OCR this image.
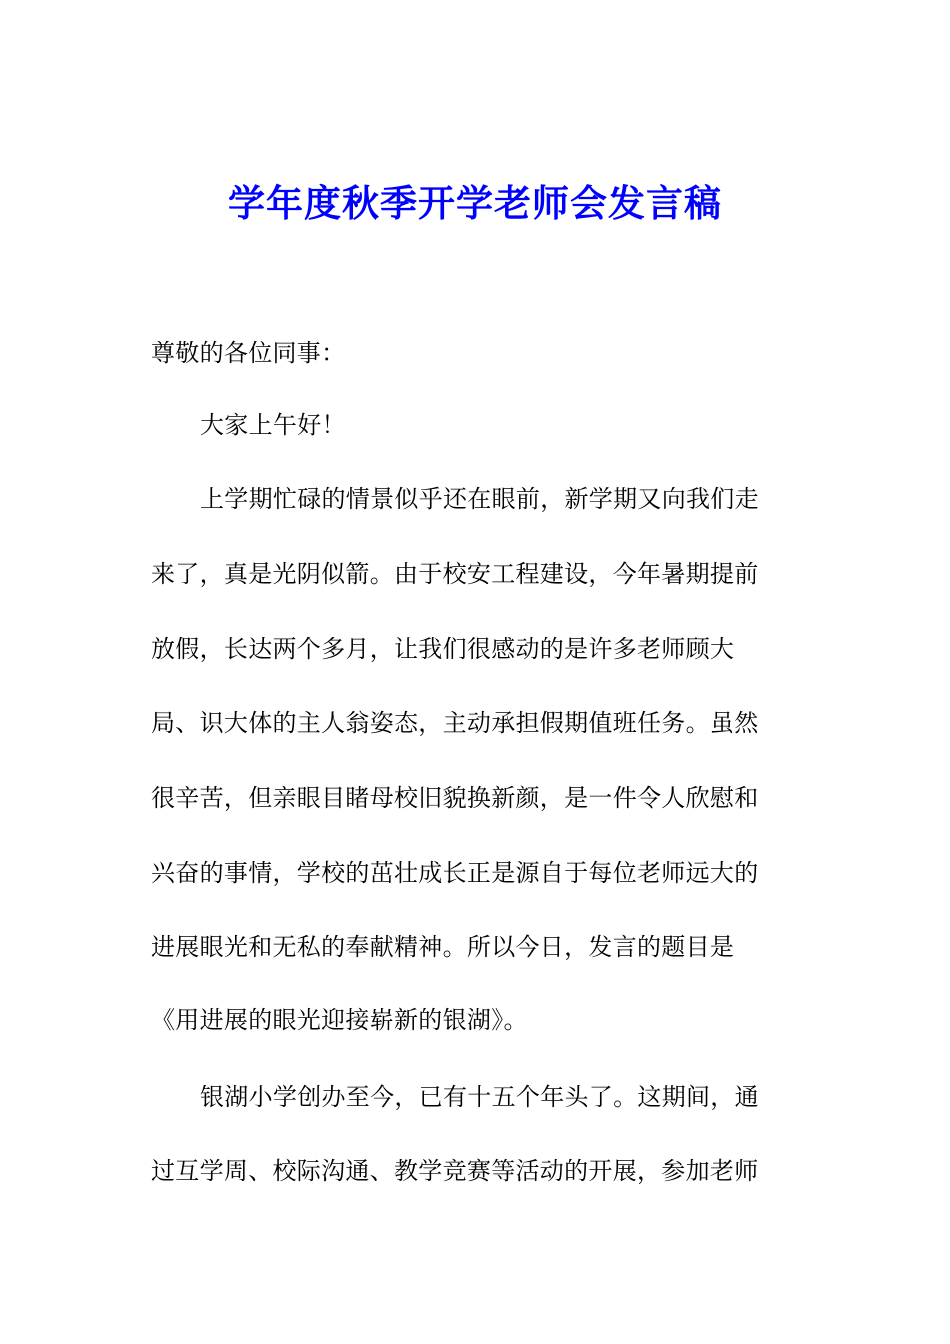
学年度秋季开学老师会发言稿

尊敬的各位同事：

大家上午好！

上学期忙碌的情景似乎还在眼前，新学期又向我们走

来了，真是光阴似箭。由于校安工程建设，今年暑期提前

放假，长达两个多月，让我们很感动的是许多老师顾大

局、识大体的主人翁姿态，主动承担假期值班任务。虽然

很辛苦，但亲眼目睹母校旧貌换新颜，是一件令人欣慰和

兴奋的事情，学校的茁壮成长正是源自于每位老师远大的

进展眼光和无私的奉献精神。所以今日，发言的题目是

《用进展的眼光迎接崭新的银湖》。

银湖小学创办至今，已有十五个年头了。这期间，通

过互学周、校际沟通、教学竞赛等活动的开展，参加老师
